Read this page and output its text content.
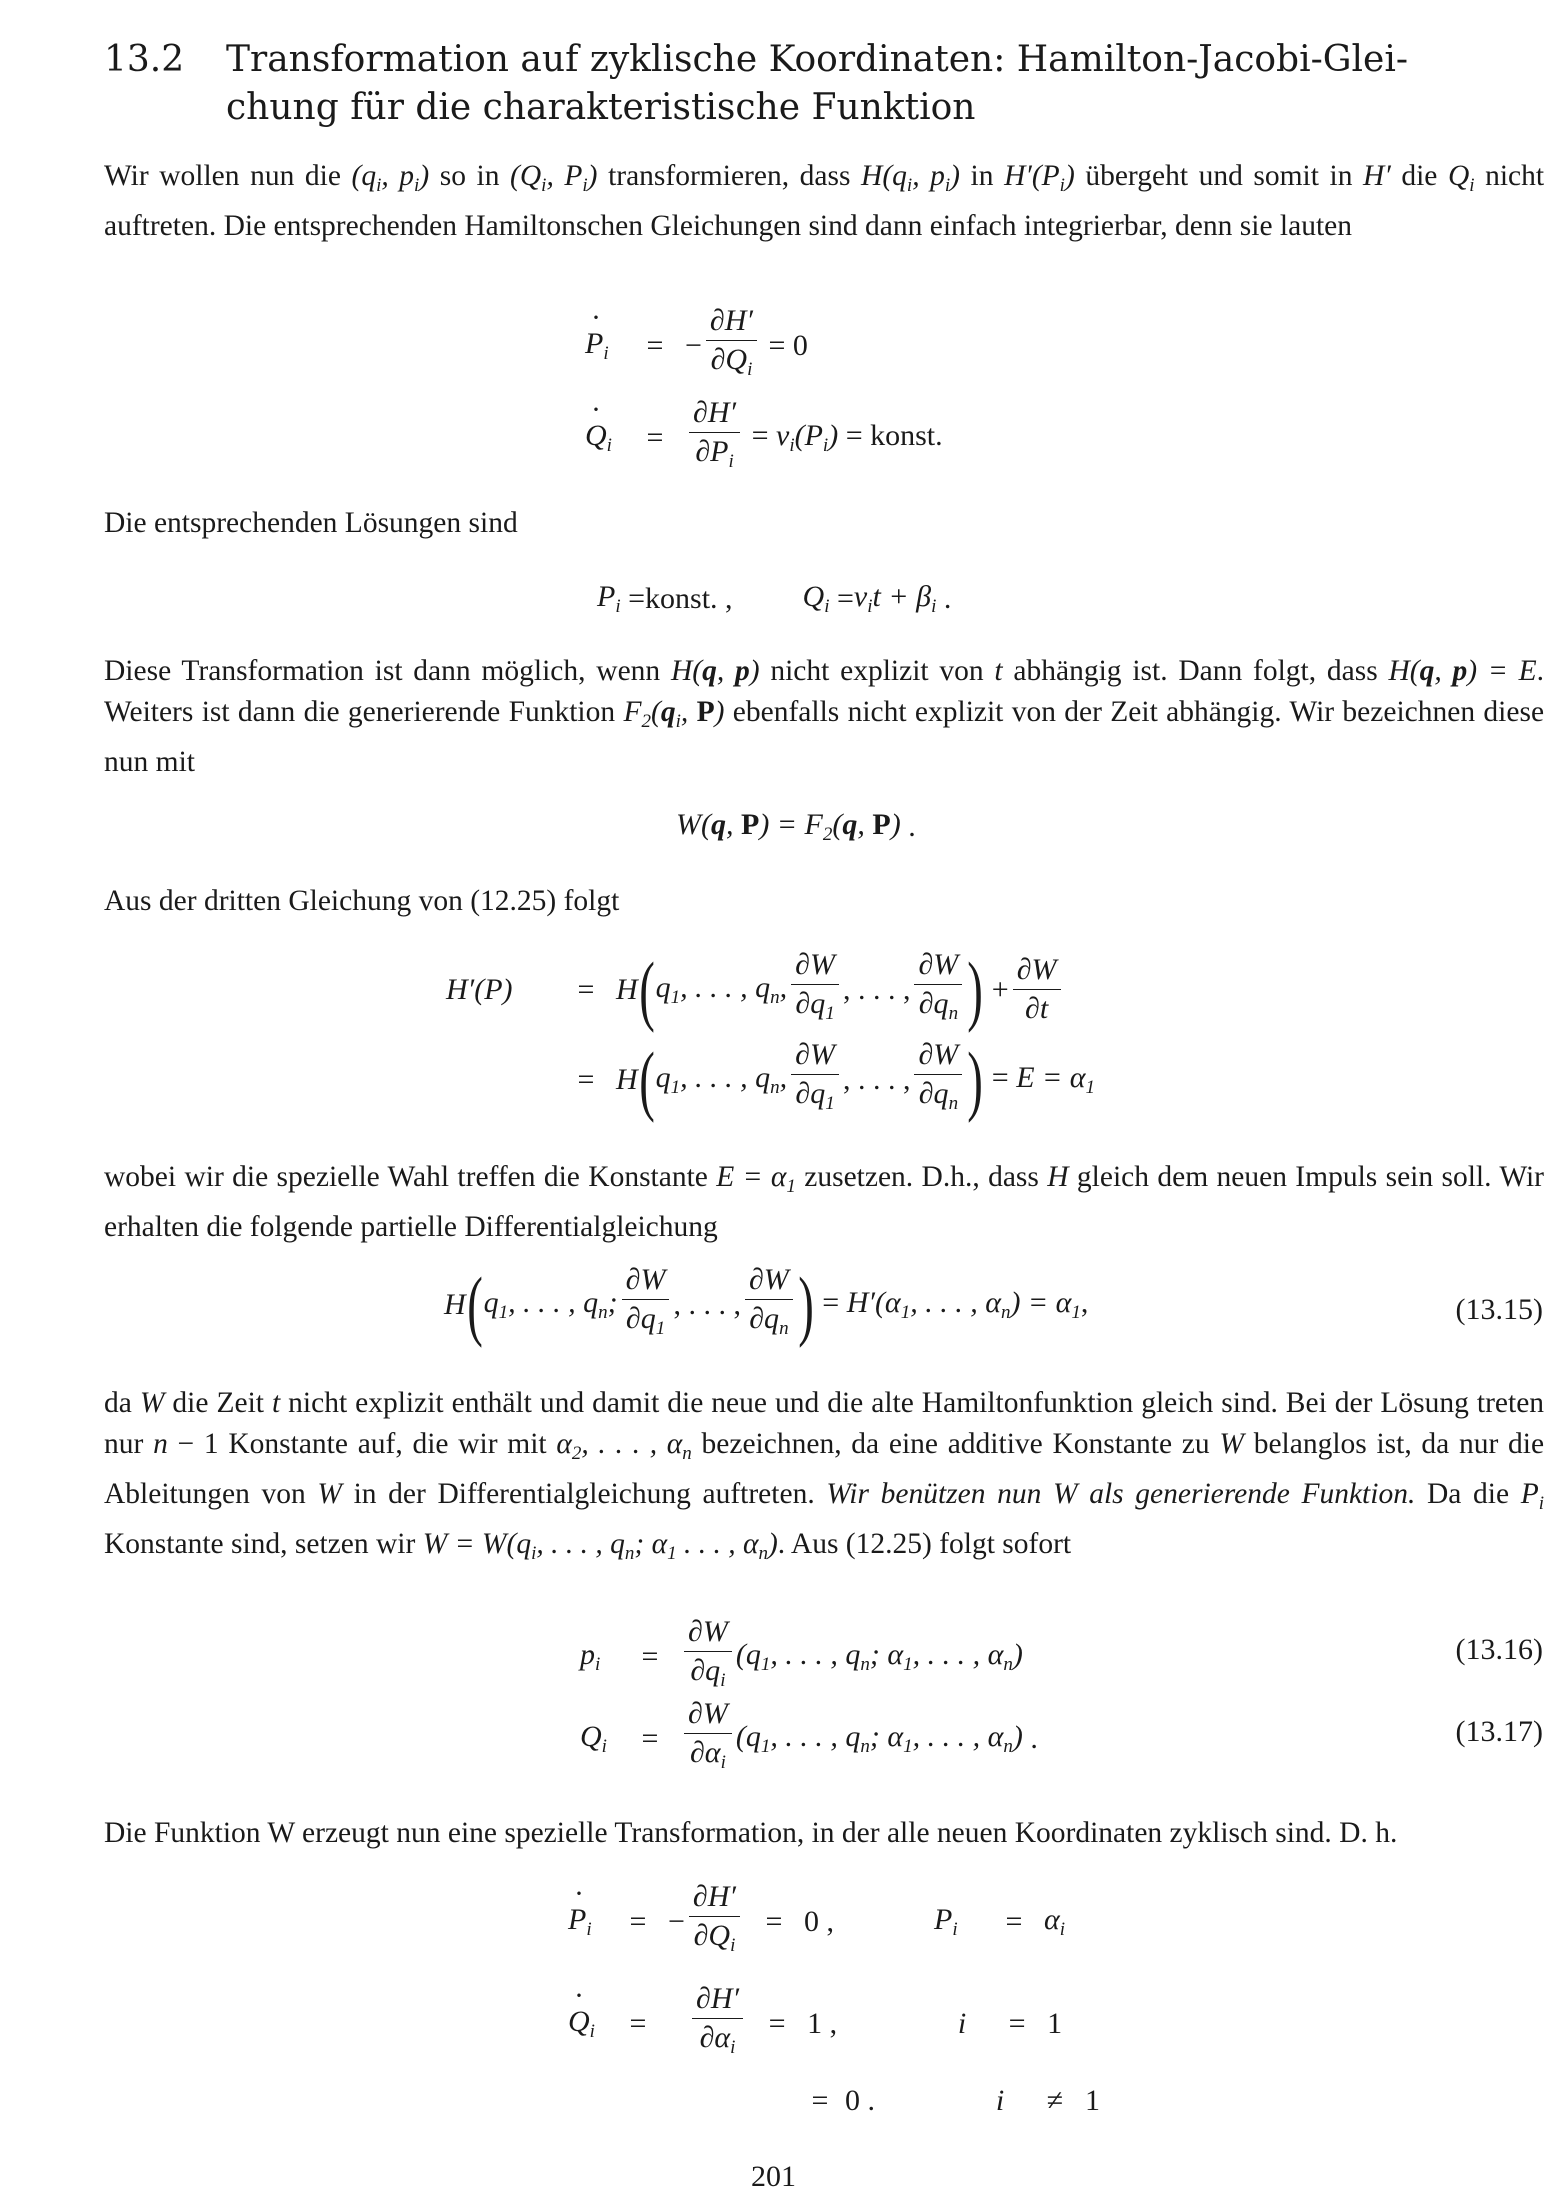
13.2 Transformation auf zyklische Koordinaten: Hamilton-Jacobi-Glei-
chung für die charakteristische Funktion

Wir wollen nun die ($q_i$, $p_i$) so in ($Q_i$, $P_i$) transformieren, dass $H(q_i$, $p_i$) in $H'(P_i)$ übergeht und somit in H′ die $Q_i$ nicht auftreten. Die entsprechenden Hamiltonschen Gleichungen sind dann einfach integrierbar, denn sie lauten

· $P_i$	= − $\frac{\partial H'}{\partial Q_i} = 0$
· $Q_i$	= $\frac{\partial H'}{\partial P_i} = \nu_i(P_i)$ = konst.

Die entsprechenden Lösungen sind

$P_i$ = konst. , $Q_i = \nu_it + \beta_i$ .

Diese Transformation ist dann möglich, wenn H(q, p) nicht explizit von t abhängig ist. Dann folgt, dass H(q, p) = E. Weiters ist dann die generierende Funktion $F_2(q_i$, P) ebenfalls nicht explizit von der Zeit abhängig. Wir bezeichnen diese nun mit

W(q, $P) = F_2(q$, P) .

Aus der dritten Gleichung von (12.25) folgt

H′(P)	= H ( $q_1$, . . . , $q_n$, $\frac{\partial W}{\partial q_1}$ , . . . , $\frac{\partial W}{\partial q_n}$ ) + $\frac{\partial W}{\partial t}$
= H ( $q_1$, . . . , $q_n$, $\frac{\partial W}{\partial q_1}$ , . . . , $\frac{\partial W}{\partial q_n}$ ) = $E = \alpha_1$

wobei wir die spezielle Wahl treffen die Konstante $E = \alpha_1$ zusetzen. D.h., dass H gleich dem neuen Impuls sein soll. Wir erhalten die folgende partielle Differentialgleichung

H ( $q_1$, . . . , $q_n$; $\frac{\partial W}{\partial q_1}$ , . . . , $\frac{\partial W}{\partial q_n}$ ) = $H'(\alpha_1$, . . . , $\alpha_n) = \alpha_1$,	(13.15)

da W die Zeit t nicht explizit enthält und damit die neue und die alte Hamiltonfunktion gleich sind. Bei der Lösung treten nur n − 1 Konstante auf, die wir mit $\alpha_2$, . . . , $\alpha_n$ bezeichnen, da eine additive Konstante zu W belanglos ist, da nur die Ableitungen von W in der Differentialgleichung auftreten. Wir benützen nun W als generierende Funktion. Da die $P_i$ Konstante sind, setzen wir $W = W(q_i$, . . . , $q_n$; $\alpha_1$ . . . , $\alpha_n$). Aus (12.25) folgt sofort

$p_i$	= $\frac{\partial W}{\partial q_i} (q_1$, . . . , $q_n$; $\alpha_1$, . . . , $\alpha_n$)	(13.16)
$Q_i$	= $\frac{\partial W}{\partial\alpha_i} (q_1$, . . . , $q_n$; $\alpha_1$, . . . , $\alpha_n$) .	(13.17)

Die Funktion W erzeugt nun eine spezielle Transformation, in der alle neuen Koordinaten zyklisch sind. D. h.

· $P_i$	= − $\frac{\partial H'}{\partial Q_i} = 0$ ,	$P_i$	= $\alpha_i$
· $Q_i$	=	$\frac{\partial H'}{\partial\alpha_i} = 1$ ,	i	= 1
= 0 .	i	≠ 1
201
